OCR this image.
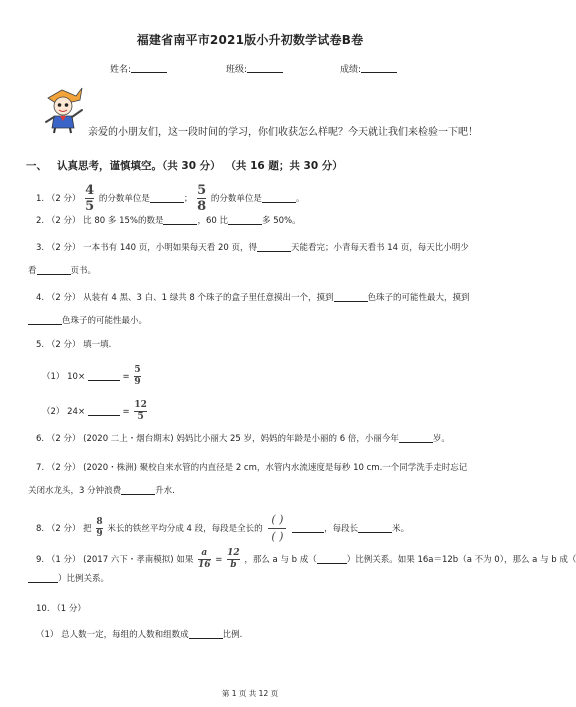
福建省南平市2021版小升初数学试卷B卷
姓名:	班级:	成绩:
亲爱的小朋友们，这一段时间的学习，你们收获怎么样呢？今天就让我们来检验一下吧！
一、 认真思考，谨慎填空。（共 30 分） （共 16 题；共 30 分）
1. （2 分） $\frac{4}{5}$ 的分数单位是	； $\frac{5}{8}$ 的分数单位是	。
2. （2 分） 比 80 多 15%的数是	，60 比	多 50%。
3. （2 分） 一本书有 140 页，小明如果每天看 20 页，得	天能看完；小青每天看书 14 页，每天比小明少看	页书。
4. （2 分） 从装有 4 黑、3 白、1 绿共 8 个珠子的盒子里任意摸出一个，摸到	色珠子的可能性最大，摸到色珠子的可能性最小。
5. （2 分） 填一填.
（1） 10×	= $\frac{5}{9}$
（2） 24×	= $\frac{12}{5}$
6. （2 分） (2020 二上・烟台期末) 妈妈比小丽大 25 岁，妈妈的年龄是小丽的 6 倍，小丽今年	岁。
7. （2 分） (2020・株洲) 聚校自来水管的内直径是 2 cm，水管内水流速度是每秒 10 cm.一个同学洗手走时忘记关闭水龙头，3 分钟浪费	升水.
8. （2 分） 把 $\frac{8}{9}$ 米长的铁丝平均分成 4 段，每段是全长的 $\frac{( )}{( )}$	，每段长	米。
9. （1 分） (2017 六下・孝南模拟) 如果 $\frac{a}{16} = \frac{12}{b}$ ，那么 a 与 b 成（	）比例关系。如果 16a＝12b（a 不为 0），那么 a 与 b 成（
）比例关系。
10. （1 分）
（1） 总人数一定，每组的人数和组数成	比例.
第 1 页 共 12 页
